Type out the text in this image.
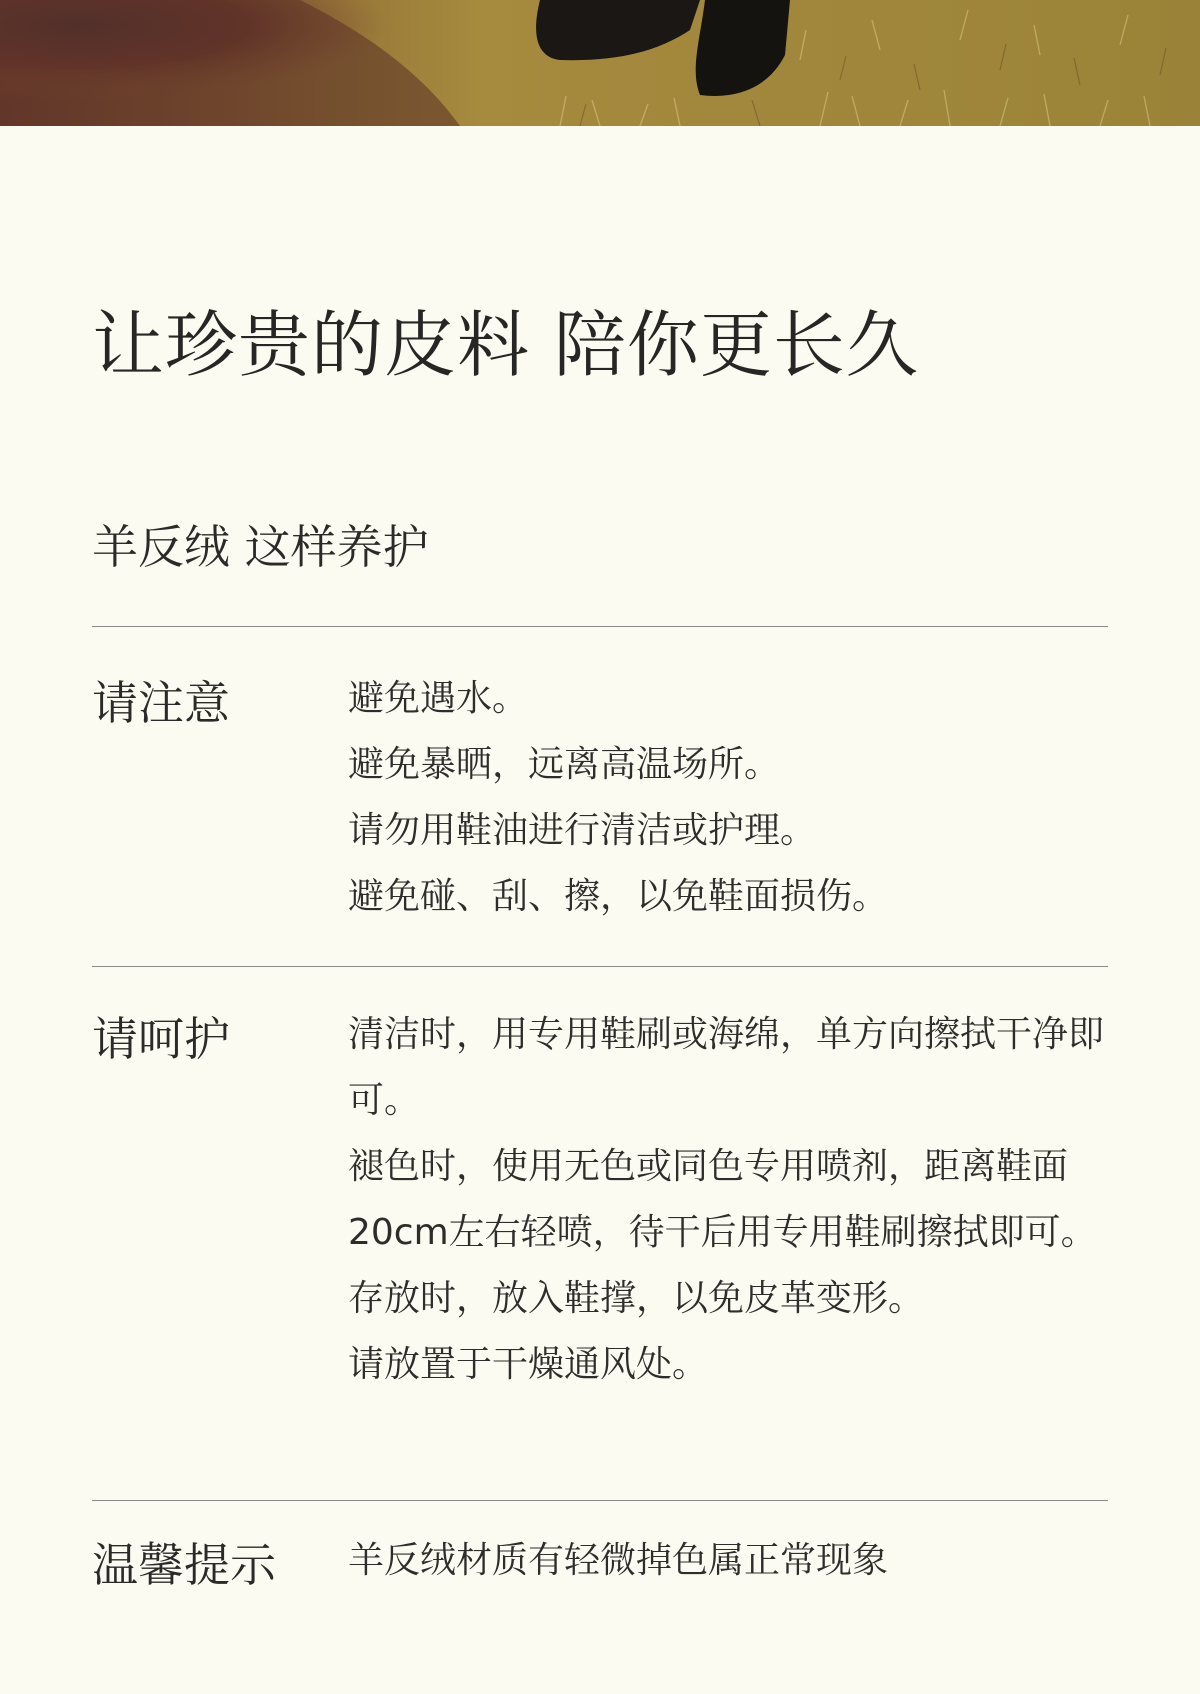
让珍贵的皮料 陪你更长久
羊反绒 这样养护
请注意	避免遇水。
避免暴晒，远离高温场所。
请勿用鞋油进行清洁或护理。
避免碰、刮、擦，以免鞋面损伤。
请呵护	清洁时，用专用鞋刷或海绵，单方向擦拭干净即可。
褪色时，使用无色或同色专用喷剂，距离鞋面20cm左右轻喷，待干后用专用鞋刷擦拭即可。
存放时，放入鞋撑，以免皮革变形。
请放置于干燥通风处。
温馨提示 羊反绒材质有轻微掉色属正常现象
